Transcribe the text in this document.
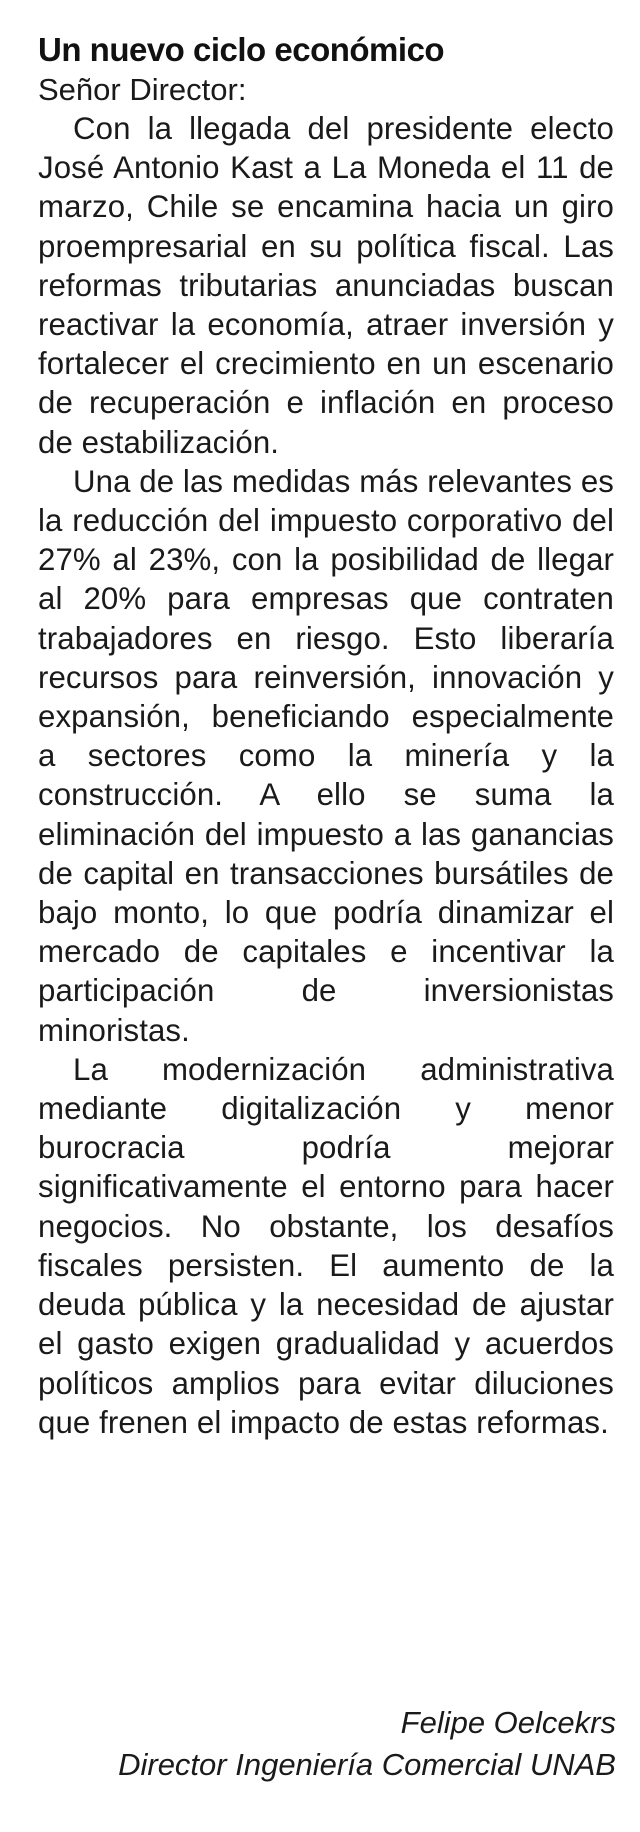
Un nuevo ciclo económico

Señor Director:

Con la llegada del presidente electo José Antonio Kast a La Moneda el 11 de marzo, Chile se encamina hacia un giro proempresarial en su política fiscal. Las reformas tributarias anunciadas buscan reactivar la economía, atraer inversión y fortalecer el crecimiento en un escenario de recuperación e inflación en proceso de estabilización.

Una de las medidas más relevantes es la reducción del impuesto corporativo del 27% al 23%, con la posibilidad de llegar al 20% para empresas que contraten trabajadores en riesgo. Esto liberaría recursos para reinversión, innovación y expansión, beneficiando especialmente a sectores como la minería y la construcción. A ello se suma la eliminación del impuesto a las ganancias de capital en transacciones bursátiles de bajo monto, lo que podría dinamizar el mercado de capitales e incentivar la participación de inversionistas minoristas.

La modernización administrativa mediante digitalización y menor burocracia podría mejorar significativamente el entorno para hacer negocios. No obstante, los desafíos fiscales persisten. El aumento de la deuda pública y la necesidad de ajustar el gasto exigen gradualidad y acuerdos políticos amplios para evitar diluciones que frenen el impacto de estas reformas.

Felipe Oelcekrs
Director Ingeniería Comercial UNAB
